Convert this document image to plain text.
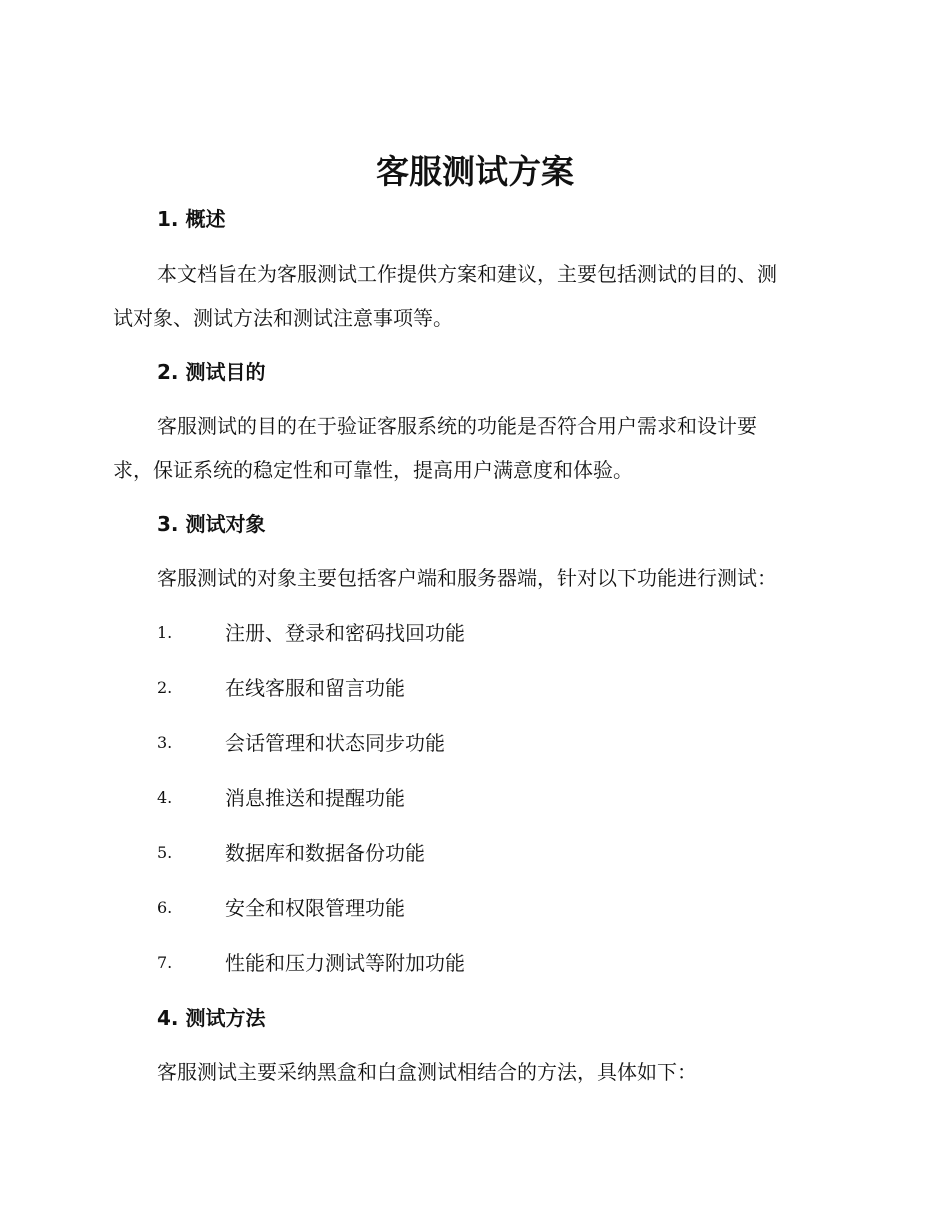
客服测试方案
1. 概述

本文档旨在为客服测试工作提供方案和建议，主要包括测试的目的、测

试对象、测试方法和测试注意事项等。

2. 测试目的

客服测试的目的在于验证客服系统的功能是否符合用户需求和设计要

求，保证系统的稳定性和可靠性，提高用户满意度和体验。

3. 测试对象

客服测试的对象主要包括客户端和服务器端，针对以下功能进行测试：

1.	注册、登录和密码找回功能
2.	在线客服和留言功能
3.	会话管理和状态同步功能
4.	消息推送和提醒功能
5.	数据库和数据备份功能
6.	安全和权限管理功能
7.	性能和压力测试等附加功能
4. 测试方法

客服测试主要采纳黑盒和白盒测试相结合的方法，具体如下：
